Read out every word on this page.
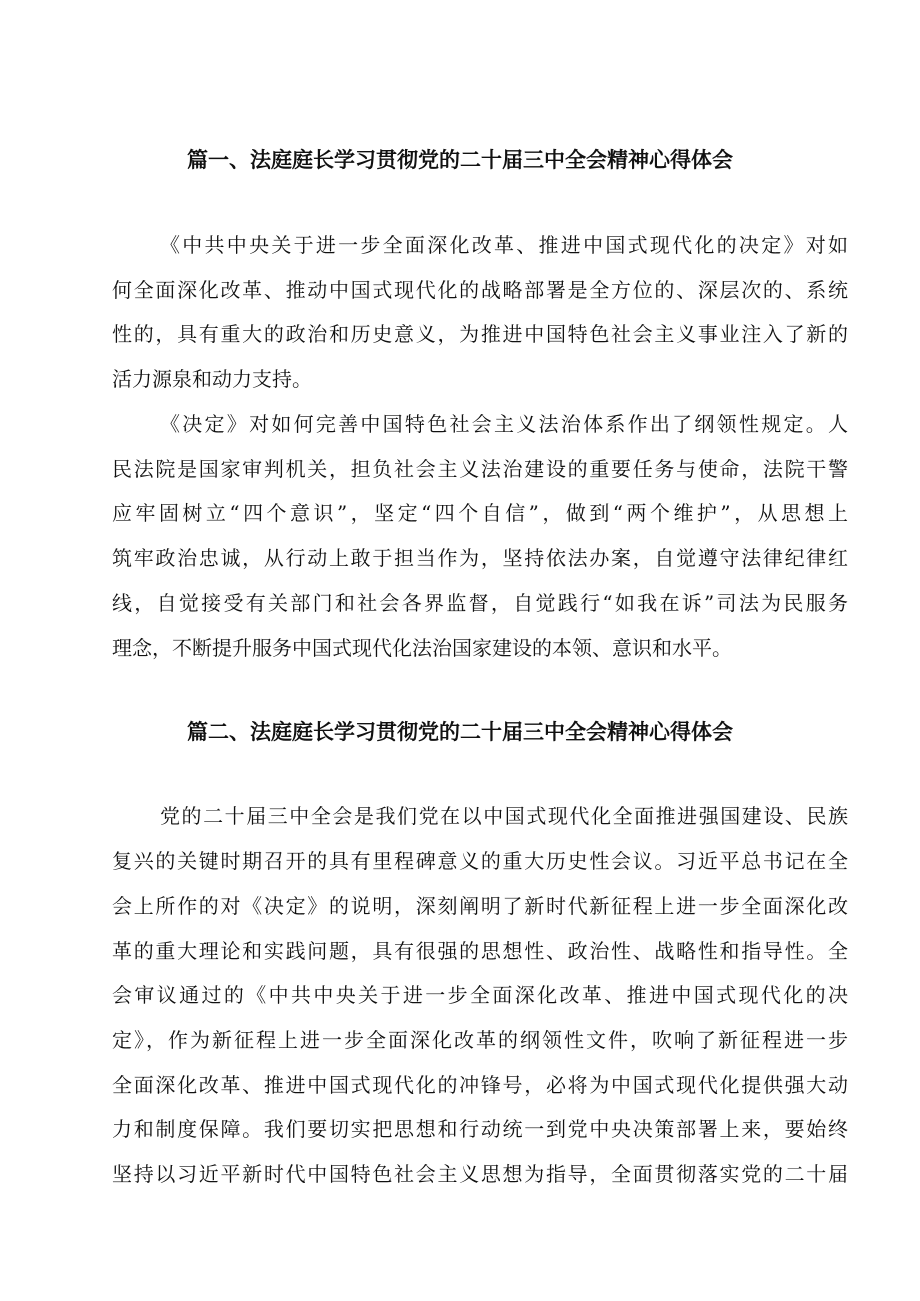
篇一、法庭庭长学习贯彻党的二十届三中全会精神心得体会
《中共中央关于进一步全面深化改革、推进中国式现代化的决定》对如
何全面深化改革、推动中国式现代化的战略部署是全方位的、深层次的、系统
性的，具有重大的政治和历史意义，为推进中国特色社会主义事业注入了新的
活力源泉和动力支持。
《决定》对如何完善中国特色社会主义法治体系作出了纲领性规定。人
民法院是国家审判机关，担负社会主义法治建设的重要任务与使命，法院干警
应牢固树立“四个意识”，坚定“四个自信”，做到“两个维护”，从思想上
筑牢政治忠诚，从行动上敢于担当作为，坚持依法办案，自觉遵守法律纪律红
线，自觉接受有关部门和社会各界监督，自觉践行“如我在诉”司法为民服务
理念，不断提升服务中国式现代化法治国家建设的本领、意识和水平。
篇二、法庭庭长学习贯彻党的二十届三中全会精神心得体会
党的二十届三中全会是我们党在以中国式现代化全面推进强国建设、民族
复兴的关键时期召开的具有里程碑意义的重大历史性会议。习近平总书记在全
会上所作的对《决定》的说明，深刻阐明了新时代新征程上进一步全面深化改
革的重大理论和实践问题，具有很强的思想性、政治性、战略性和指导性。全
会审议通过的《中共中央关于进一步全面深化改革、推进中国式现代化的决
定》，作为新征程上进一步全面深化改革的纲领性文件，吹响了新征程进一步
全面深化改革、推进中国式现代化的冲锋号，必将为中国式现代化提供强大动
力和制度保障。我们要切实把思想和行动统一到党中央决策部署上来，要始终
坚持以习近平新时代中国特色社会主义思想为指导，全面贯彻落实党的二十届
